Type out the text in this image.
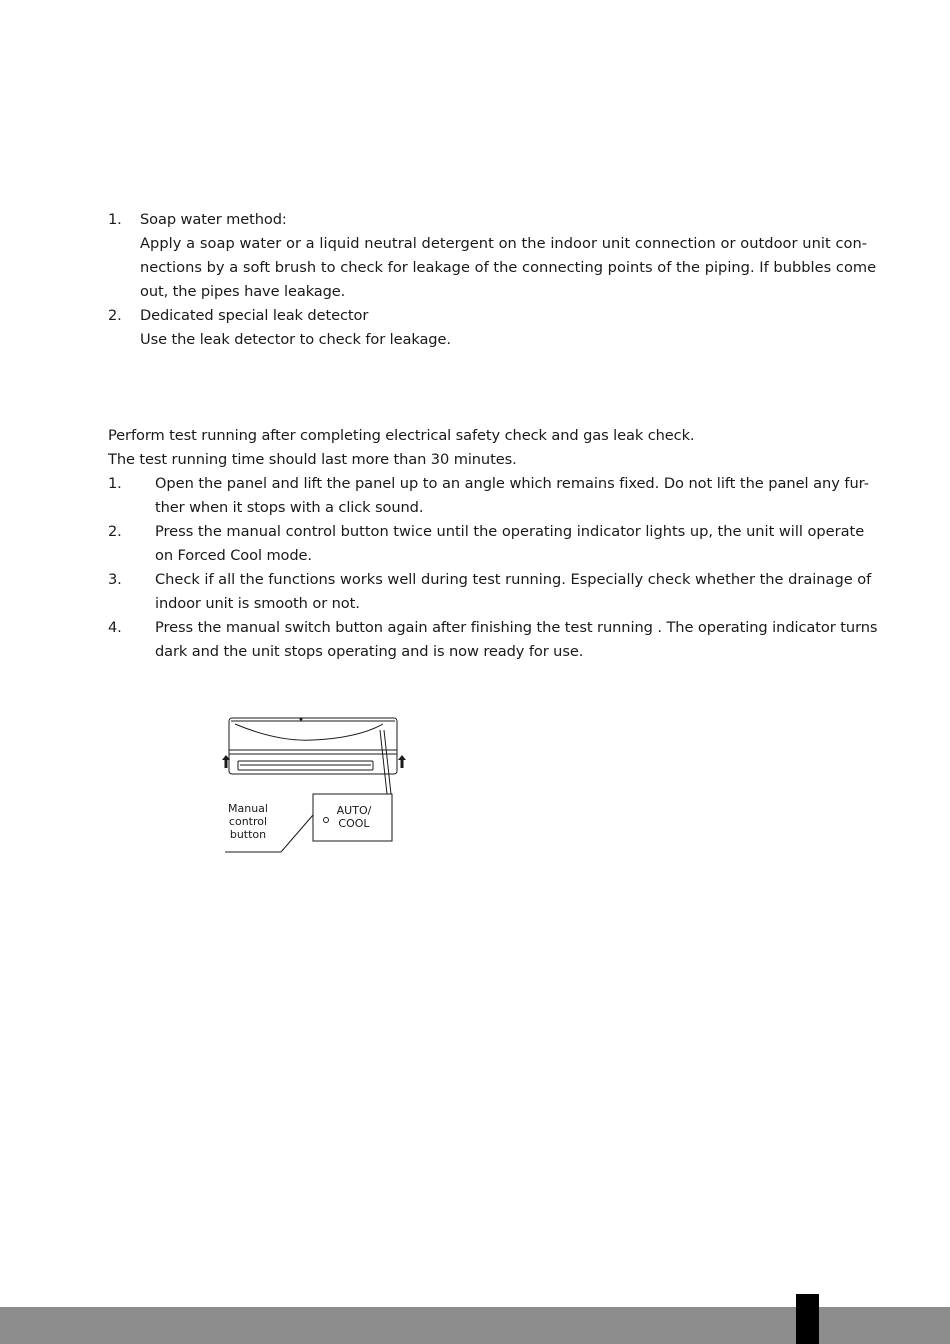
1. Soap water method:
Apply a soap water or a liquid neutral detergent on the indoor unit connection or outdoor unit con-
nections by a soft brush to check for leakage of the connecting points of the piping. If bubbles come
out, the pipes have leakage.
2. Dedicated special leak detector
Use the leak detector to check for leakage.
Perform test running after completing electrical safety check and gas leak check.
The test running time should last more than 30 minutes.
1. Open the panel and lift the panel up to an angle which remains fixed. Do not lift the panel any fur-
ther when it stops with a click sound.
2. Press the manual control button twice until the operating indicator lights up, the unit will operate
on Forced Cool mode.
3. Check if all the functions works well during test running. Especially check whether the drainage of
indoor unit is smooth or not.
4. Press the manual switch button again after finishing the test running . The operating indicator turns
dark and the unit stops operating and is now ready for use.
Manual
control
button
AUTO/
COOL
